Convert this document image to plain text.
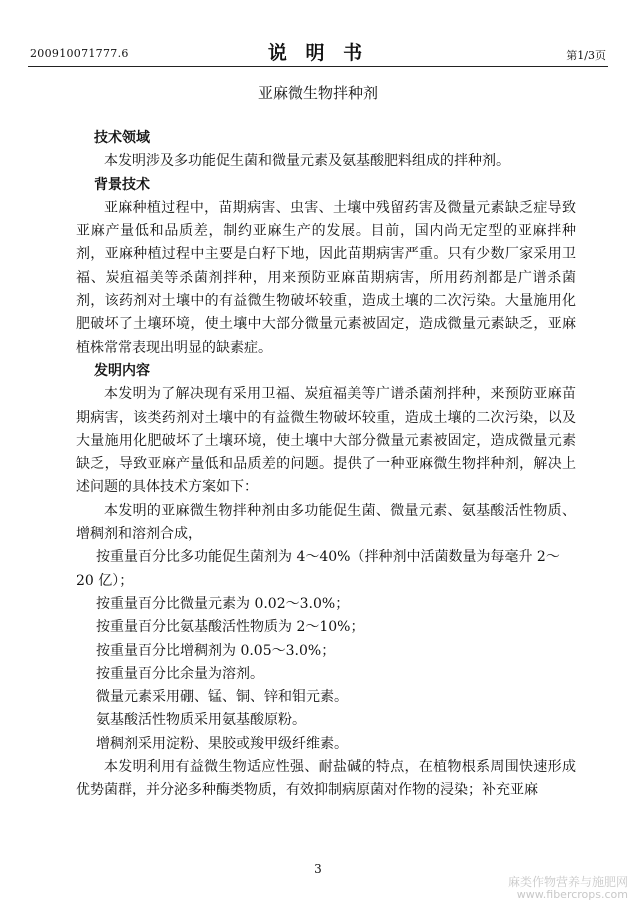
200910071777.6	说 明 书	第1/3页
亚麻微生物拌种剂

技术领域

本发明涉及多功能促生菌和微量元素及氨基酸肥料组成的拌种剂。

背景技术

亚麻种植过程中，苗期病害、虫害、土壤中残留药害及微量元素缺乏症导致亚麻产量低和品质差，制约亚麻生产的发展。目前，国内尚无定型的亚麻拌种剂，亚麻种植过程中主要是白籽下地，因此苗期病害严重。只有少数厂家采用卫福、炭疽福美等杀菌剂拌种，用来预防亚麻苗期病害，所用药剂都是广谱杀菌剂，该药剂对土壤中的有益微生物破坏较重，造成土壤的二次污染。大量施用化肥破坏了土壤环境，使土壤中大部分微量元素被固定，造成微量元素缺乏，亚麻植株常常表现出明显的缺素症。

发明内容

本发明为了解决现有采用卫福、炭疽福美等广谱杀菌剂拌种，来预防亚麻苗期病害，该类药剂对土壤中的有益微生物破坏较重，造成土壤的二次污染，以及大量施用化肥破坏了土壤环境，使土壤中大部分微量元素被固定，造成微量元素缺乏，导致亚麻产量低和品质差的问题。提供了一种亚麻微生物拌种剂，解决上述问题的具体技术方案如下：

本发明的亚麻微生物拌种剂由多功能促生菌、微量元素、氨基酸活性物质、增稠剂和溶剂合成，

按重量百分比多功能促生菌剂为 4～40%（拌种剂中活菌数量为每毫升 2～

20 亿）；

按重量百分比微量元素为 0.02～3.0%；

按重量百分比氨基酸活性物质为 2～10%；

按重量百分比增稠剂为 0.05～3.0%；

按重量百分比余量为溶剂。

微量元素采用硼、锰、铜、锌和钼元素。

氨基酸活性物质采用氨基酸原粉。

增稠剂采用淀粉、果胶或羧甲级纤维素。

本发明利用有益微生物适应性强、耐盐碱的特点，在植物根系周围快速形成优势菌群，并分泌多种酶类物质，有效抑制病原菌对作物的浸染；补充亚麻

3
麻类作物营养与施肥网
www.fibercrops.com
